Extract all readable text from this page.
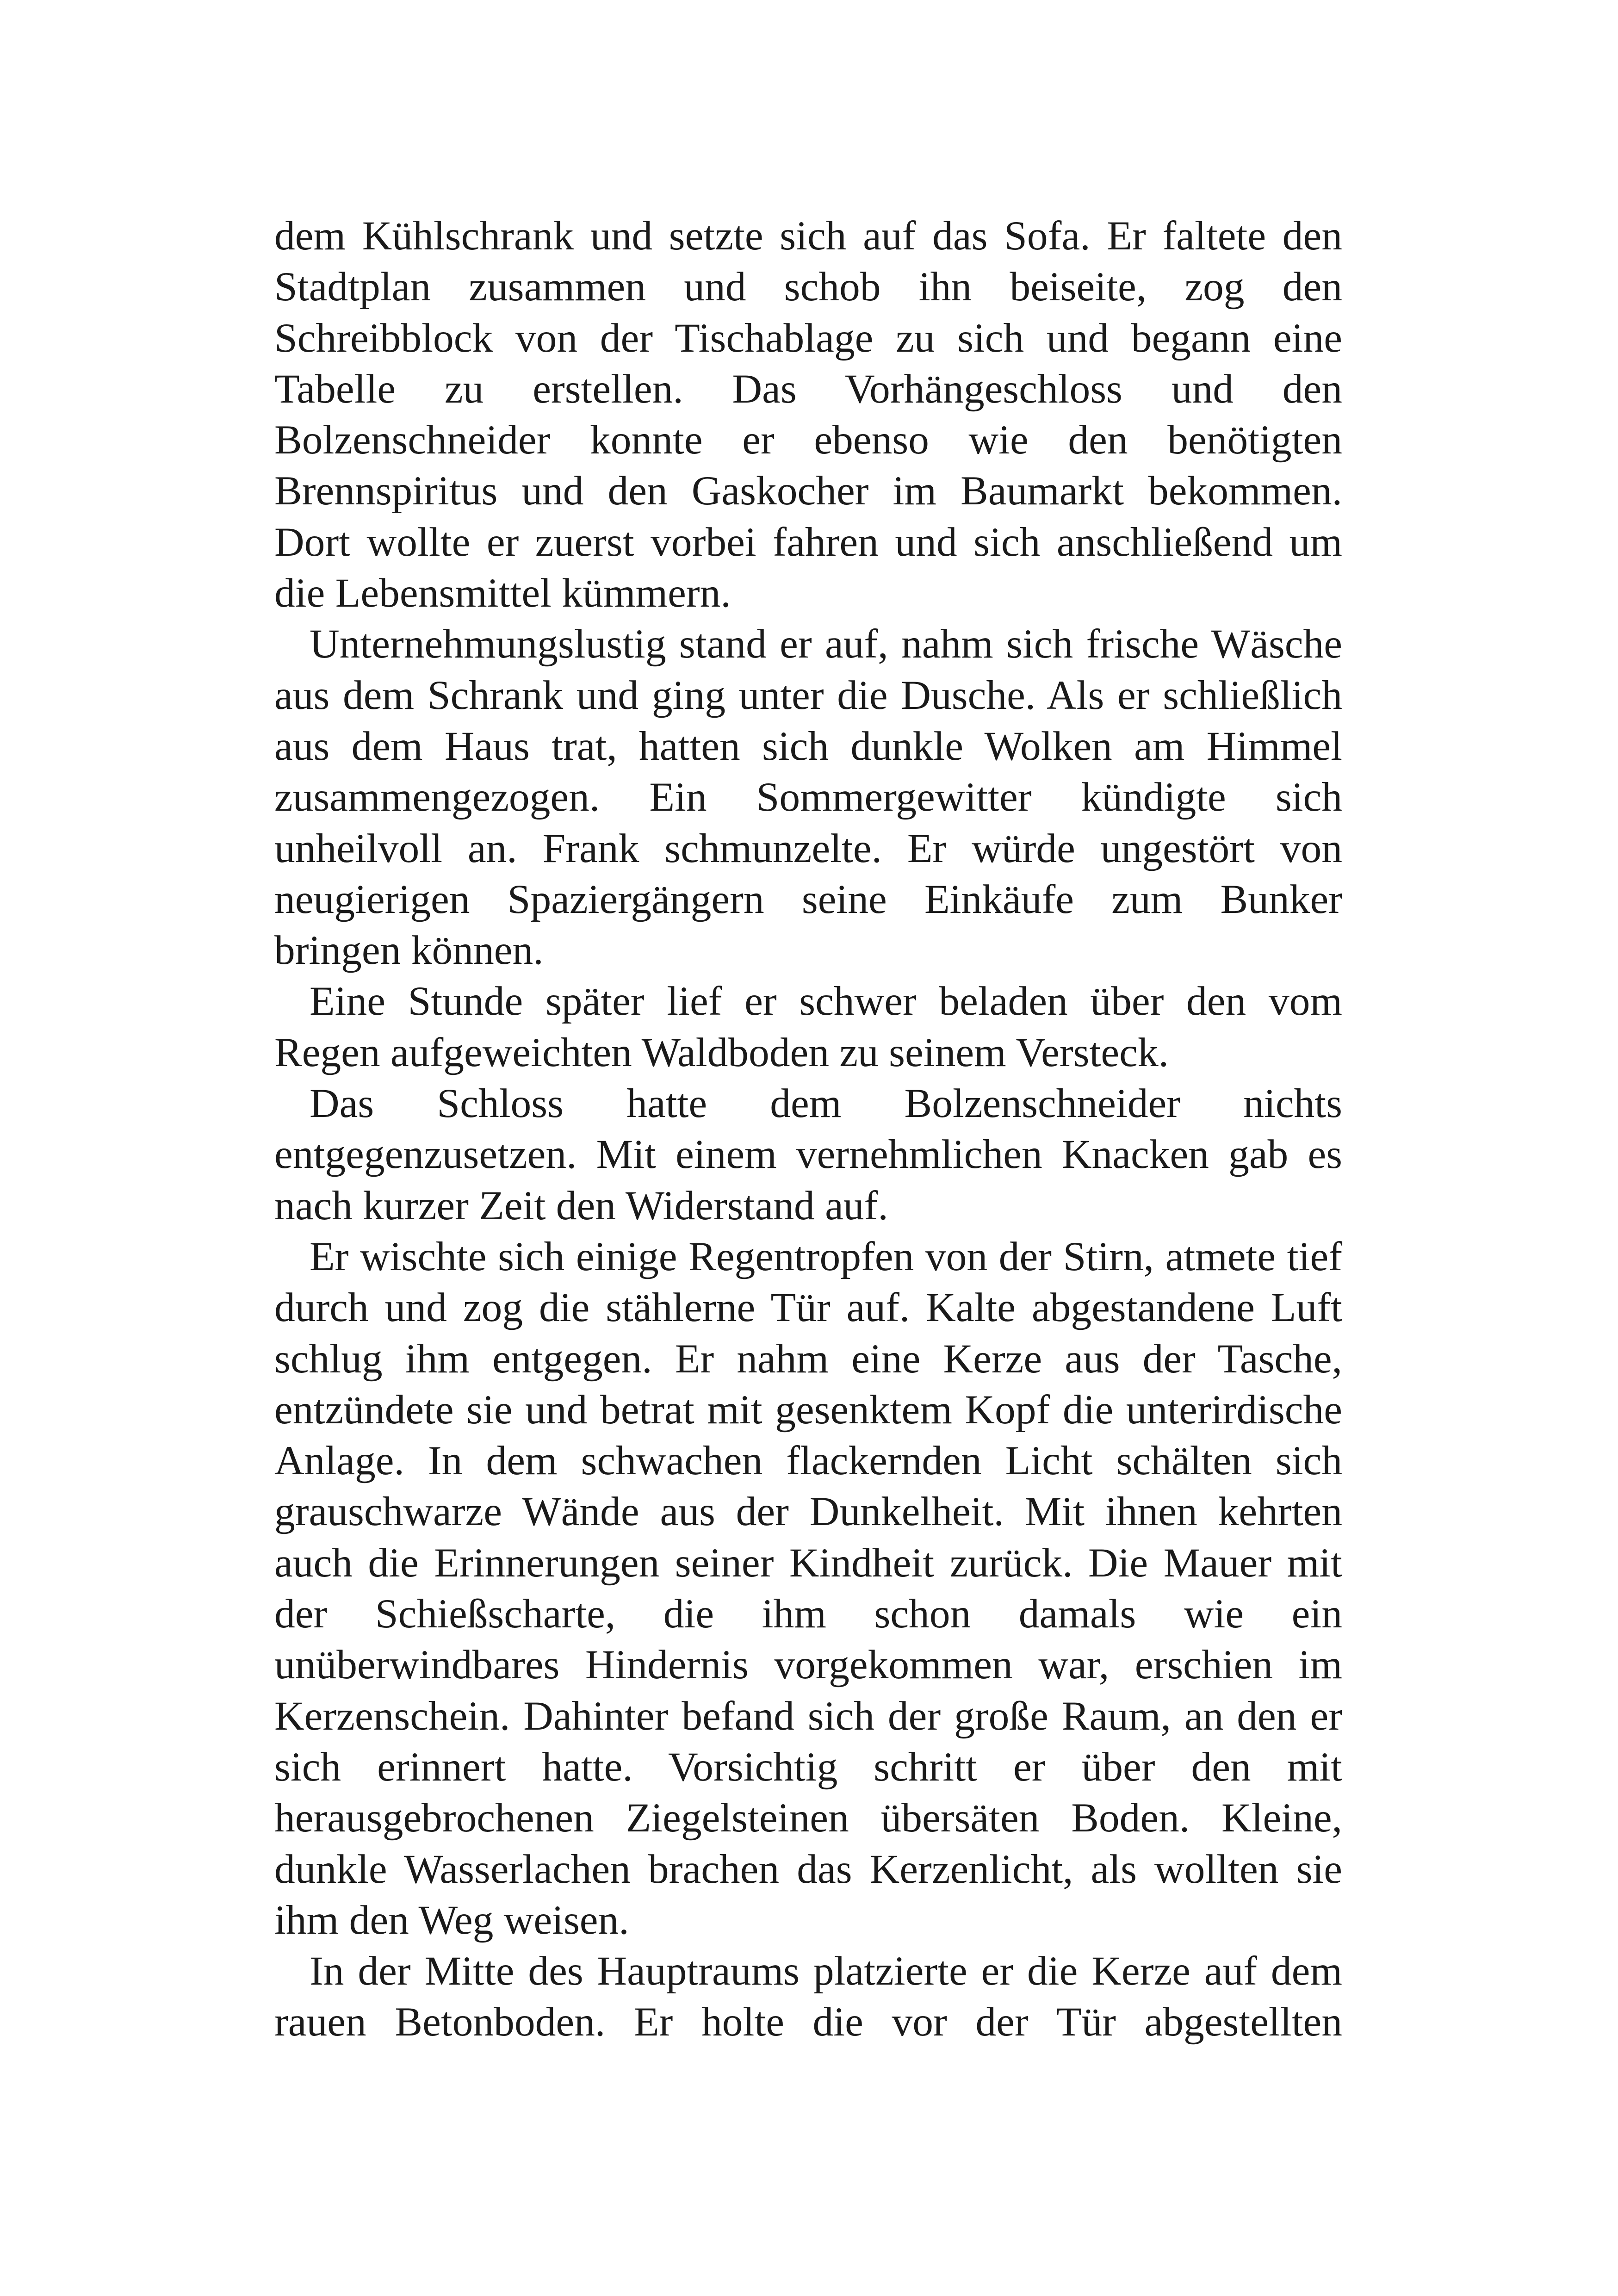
dem Kühlschrank und setzte sich auf das Sofa. Er faltete den Stadtplan zusammen und schob ihn beiseite, zog den Schreibblock von der Tischablage zu sich und begann eine Tabelle zu erstellen. Das Vorhängeschloss und den Bolzenschneider konnte er ebenso wie den benötigten Brennspiritus und den Gaskocher im Baumarkt bekommen. Dort wollte er zuerst vorbei fahren und sich anschließend um die Lebensmittel kümmern.

Unternehmungslustig stand er auf, nahm sich frische Wäsche aus dem Schrank und ging unter die Dusche. Als er schließlich aus dem Haus trat, hatten sich dunkle Wolken am Himmel zusammengezogen. Ein Sommergewitter kündigte sich unheilvoll an. Frank schmunzelte. Er würde ungestört von neugierigen Spaziergängern seine Einkäufe zum Bunker bringen können.

Eine Stunde später lief er schwer beladen über den vom Regen aufgeweichten Waldboden zu seinem Versteck.

Das Schloss hatte dem Bolzenschneider nichts entgegenzusetzen. Mit einem vernehmlichen Knacken gab es nach kurzer Zeit den Widerstand auf.

Er wischte sich einige Regentropfen von der Stirn, atmete tief durch und zog die stählerne Tür auf. Kalte abgestandene Luft schlug ihm entgegen. Er nahm eine Kerze aus der Tasche, entzündete sie und betrat mit gesenktem Kopf die unterirdische Anlage. In dem schwachen flackernden Licht schälten sich grauschwarze Wände aus der Dunkelheit. Mit ihnen kehrten auch die Erinnerungen seiner Kindheit zurück. Die Mauer mit der Schießscharte, die ihm schon damals wie ein unüberwindbares Hindernis vorgekommen war, erschien im Kerzenschein. Dahinter befand sich der große Raum, an den er sich erinnert hatte. Vorsichtig schritt er über den mit herausgebrochenen Ziegelsteinen übersäten Boden. Kleine, dunkle Wasserlachen brachen das Kerzenlicht, als wollten sie ihm den Weg weisen.

In der Mitte des Hauptraums platzierte er die Kerze auf dem rauen Betonboden. Er holte die vor der Tür abgestellten
